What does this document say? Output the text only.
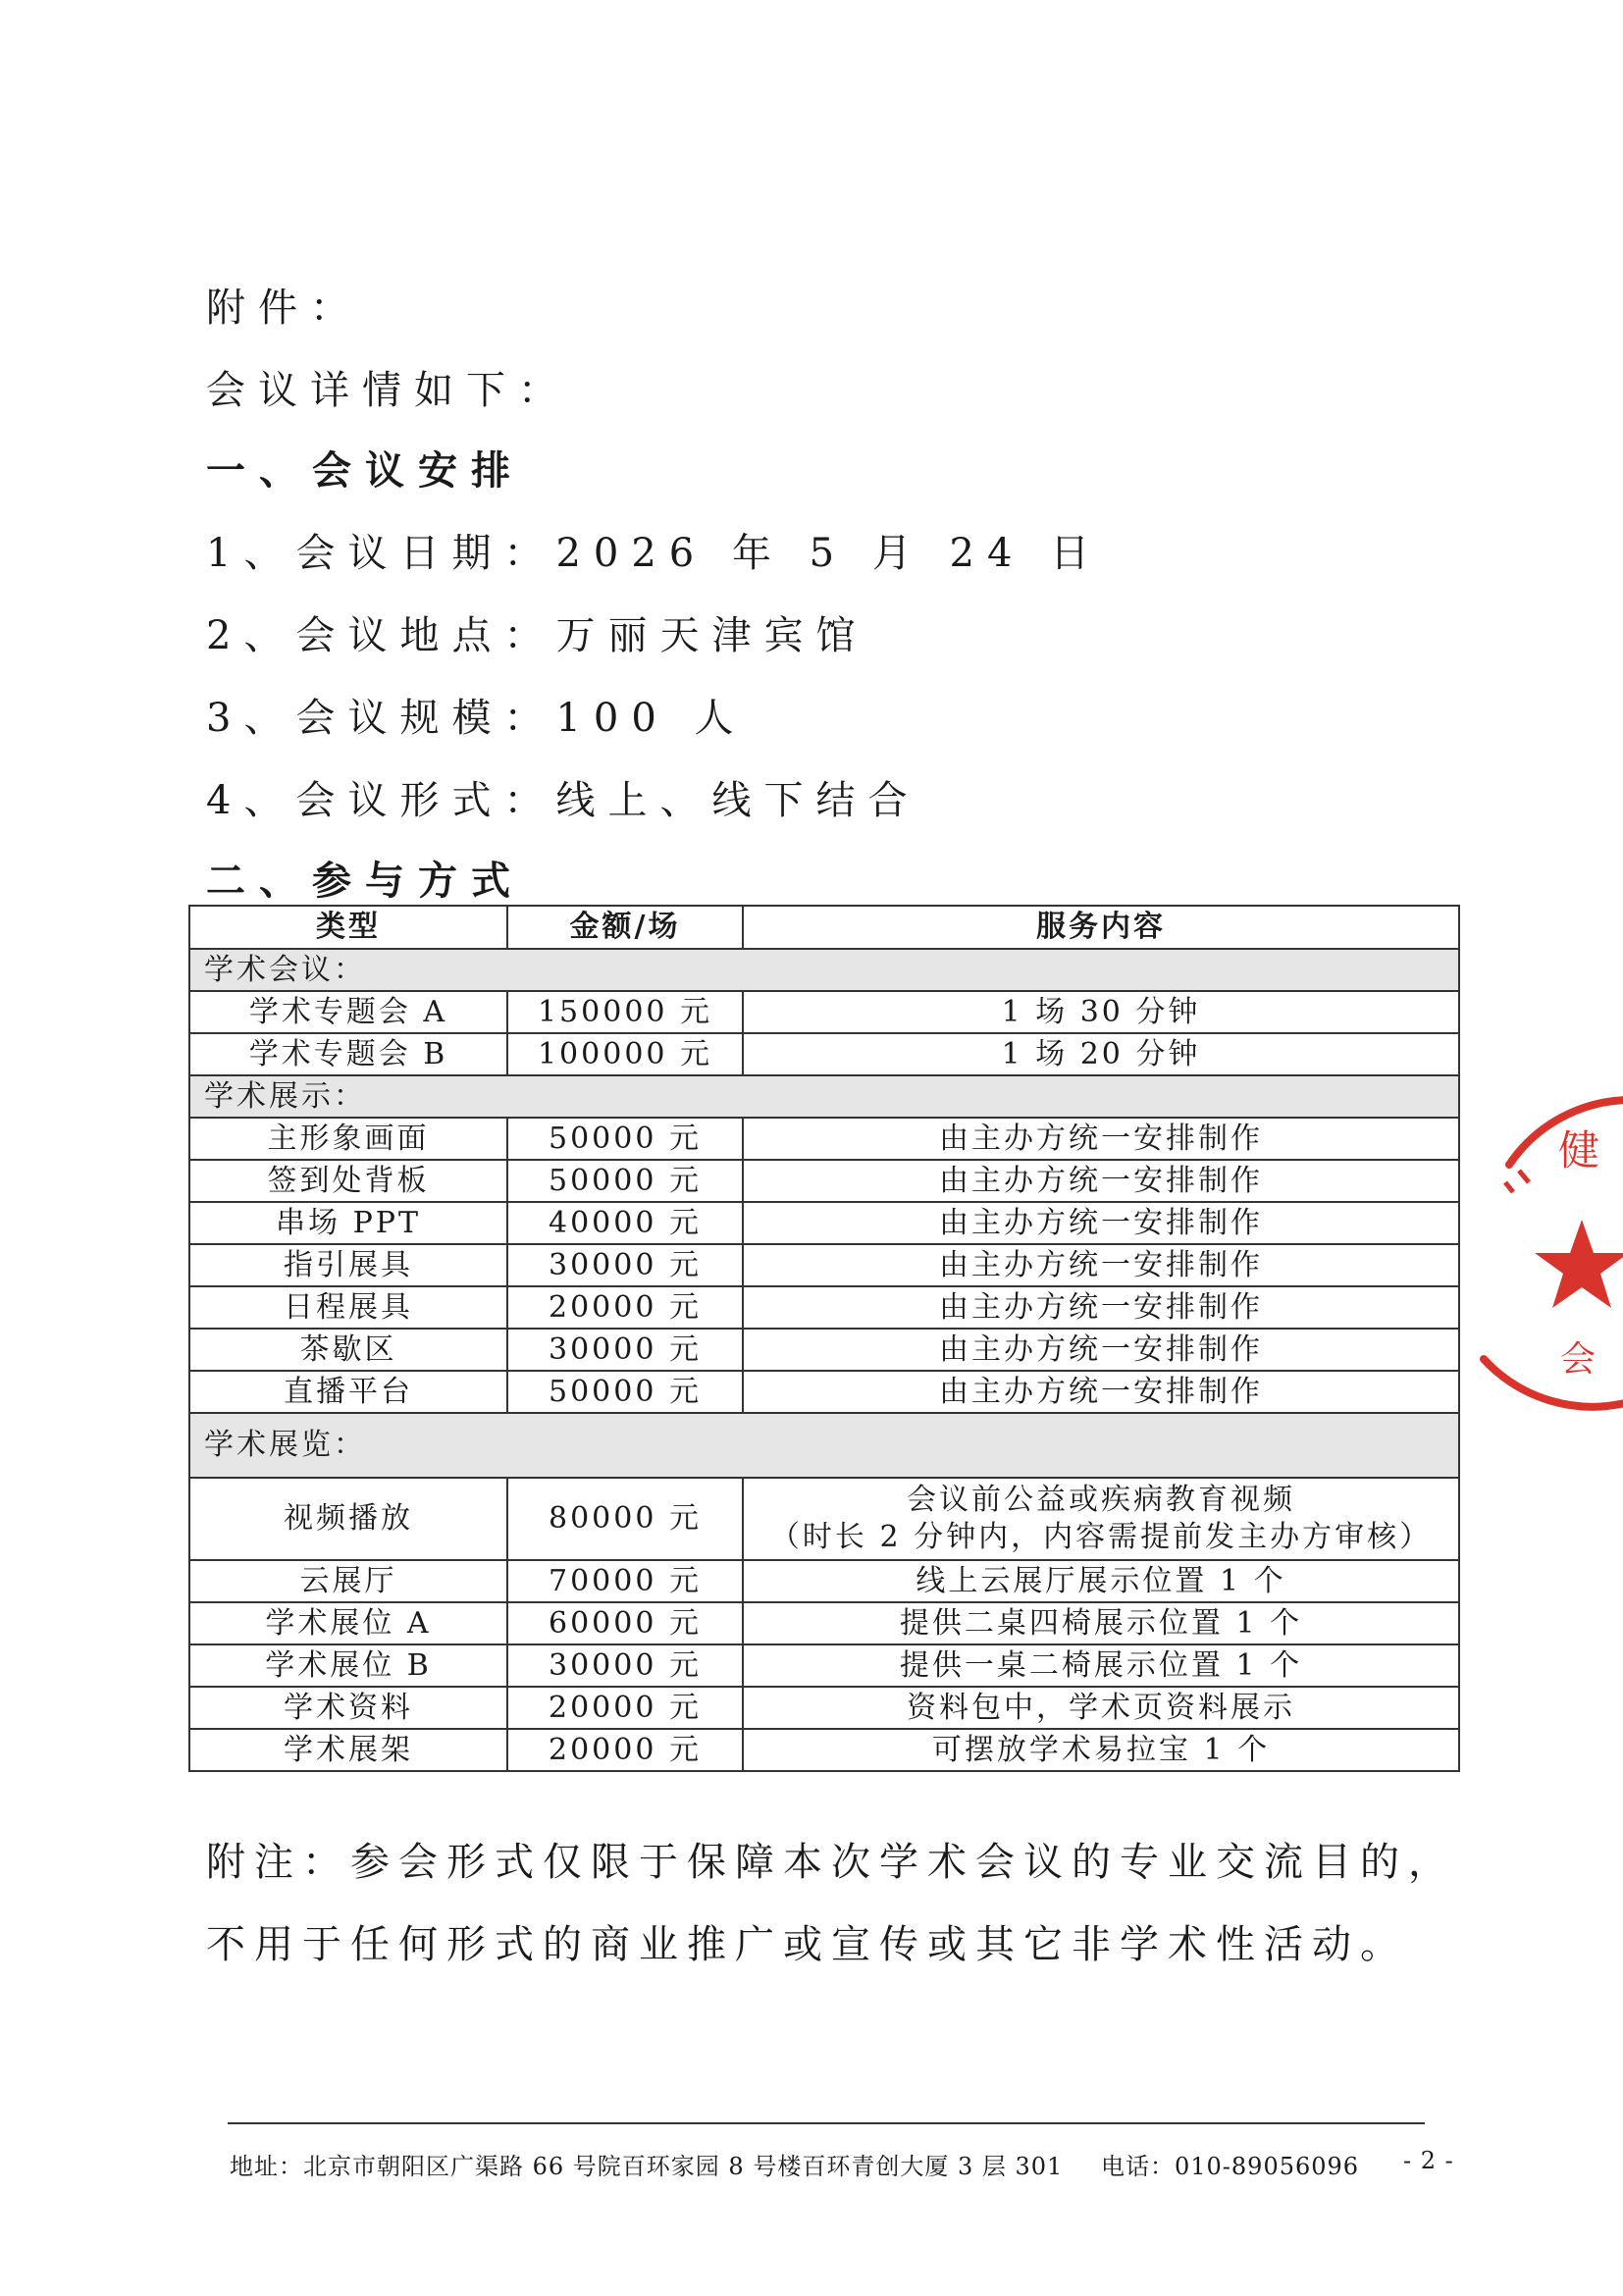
附件：

会议详情如下：

一、会议安排

1、会议日期：2026 年 5 月 24 日

2、会议地点：万丽天津宾馆

3、会议规模：100 人

4、会议形式：线上、线下结合

二、参与方式

类型	金额/场	服务内容
学术会议：		
学术专题会 A	150000 元	1 场 30 分钟
学术专题会 B	100000 元	1 场 20 分钟
学术展示：		
主形象画面	50000 元	由主办方统一安排制作
签到处背板	50000 元	由主办方统一安排制作
串场 PPT	40000 元	由主办方统一安排制作
指引展具	30000 元	由主办方统一安排制作
日程展具	20000 元	由主办方统一安排制作
茶歇区	30000 元	由主办方统一安排制作
直播平台	50000 元	由主办方统一安排制作
学术展览：		
视频播放	80000 元	会议前公益或疾病教育视频
（时长 2 分钟内，内容需提前发主办方审核）

云展厅	70000 元	线上云展厅展示位置 1 个
学术展位 A	60000 元	提供二桌四椅展示位置 1 个
学术展位 B	30000 元	提供一桌二椅展示位置 1 个
学术资料	20000 元	资料包中，学术页资料展示
学术展架	20000 元	可摆放学术易拉宝 1 个

附注：参会形式仅限于保障本次学术会议的专业交流目的，

不用于任何形式的商业推广或宣传或其它非学术性活动。

健
会
地址：北京市朝阳区广渠路 66 号院百环家园 8 号楼百环青创大厦 3 层 301 电话：010-89056096 - 2 -
